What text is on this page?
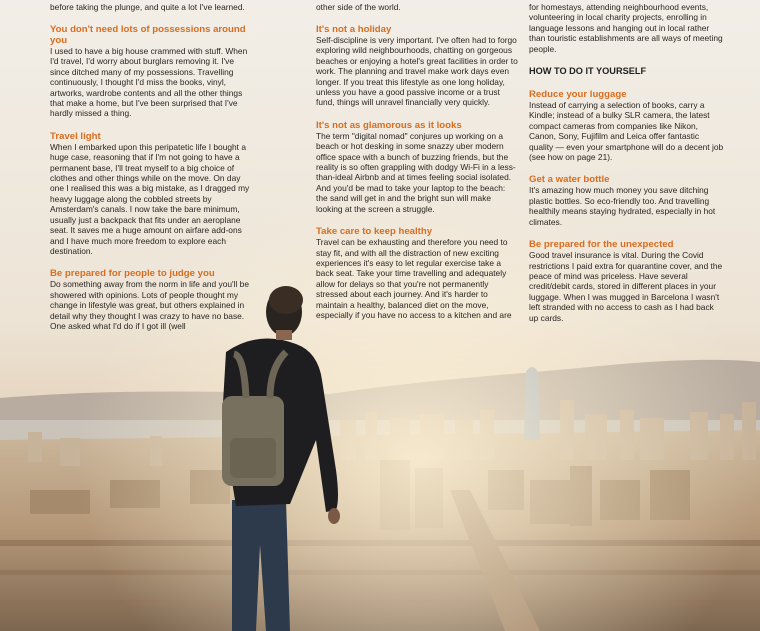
before taking the plunge, and quite a lot I've learned.

You don't need lots of possessions around you

I used to have a big house crammed with stuff. When I'd travel, I'd worry about burglars removing it. I've since ditched many of my possessions. Travelling continuously, I thought I'd miss the books, vinyl, artworks, wardrobe contents and all the other things that make a home, but I've been surprised that I've hardly missed a thing.

Travel light

When I embarked upon this peripatetic life I bought a huge case, reasoning that if I'm not going to have a permanent base, I'll treat myself to a big choice of clothes and other things while on the move. On day one I realised this was a big mistake, as I dragged my heavy luggage along the cobbled streets by Amsterdam's canals. I now take the bare minimum, usually just a backpack that fits under an aeroplane seat. It saves me a huge amount on airfare add-ons and I have much more freedom to explore each destination.

Be prepared for people to judge you

Do something away from the norm in life and you'll be showered with opinions. Lots of people thought my change in lifestyle was great, but others explained in detail why they thought I was crazy to have no base. One asked what I'd do if I got ill (well

other side of the world.

It's not a holiday

Self-discipline is very important. I've often had to forgo exploring wild neighbourhoods, chatting on gorgeous beaches or enjoying a hotel's great facilities in order to work. The planning and travel make work days even longer. If you treat this lifestyle as one long holiday, unless you have a good passive income or a trust fund, things will unravel financially very quickly.

It's not as glamorous as it looks

The term "digital nomad" conjures up working on a beach or hot desking in some snazzy uber modern office space with a bunch of buzzing friends, but the reality is so often grappling with dodgy Wi-Fi in a less-than-ideal Airbnb and at times feeling social isolated. And you'd be mad to take your laptop to the beach: the sand will get in and the bright sun will make looking at the screen a struggle.

Take care to keep healthy

Travel can be exhausting and therefore you need to stay fit, and with all the distraction of new exciting experiences it's easy to let regular exercise take a back seat. Take your time travelling and adequately allow for delays so that you're not permanently stressed about each journey. And it's harder to maintain a healthy, balanced diet on the move, especially if you have no access to a kitchen and are

for homestays, attending neighbourhood events, volunteering in local charity projects, enrolling in language lessons and hanging out in local rather than touristic establishments are all ways of meeting people.

HOW TO DO IT YOURSELF
Reduce your luggage

Instead of carrying a selection of books, carry a Kindle; instead of a bulky SLR camera, the latest compact cameras from companies like Nikon, Canon, Sony, Fujifilm and Leica offer fantastic quality — even your smartphone will do a decent job (see how on page 21).

Get a water bottle

It's amazing how much money you save ditching plastic bottles. So eco-friendly too. And travelling healthily means staying hydrated, especially in hot climates.

Be prepared for the unexpected

Good travel insurance is vital. During the Covid restrictions I paid extra for quarantine cover, and the peace of mind was priceless. Have several credit/debit cards, stored in different places in your luggage. When I was mugged in Barcelona I wasn't left stranded with no access to cash as I had back up cards.
